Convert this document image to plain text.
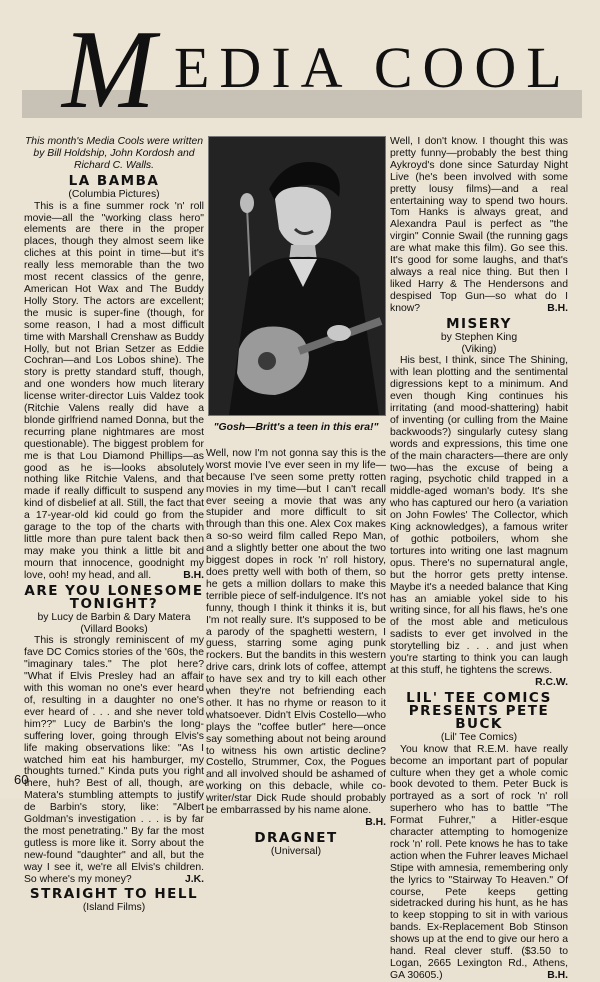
M EDIA COOL
This month's Media Cools were written by Bill Holdship, John Kordosh and Richard C. Walls.
LA BAMBA
(Columbia Pictures)

This is a fine summer rock 'n' roll movie—all the "working class hero" elements are there in the proper places, though they almost seem like cliches at this point in time—but it's really less memorable than the two most recent classics of the genre, American Hot Wax and The Buddy Holly Story. The actors are excellent; the music is super-fine (though, for some reason, I had a most difficult time with Marshall Crenshaw as Buddy Holly, but not Brian Setzer as Eddie Cochran—and Los Lobos shine). The story is pretty standard stuff, though, and one wonders how much literary license writer-director Luis Valdez took (Ritchie Valens really did have a blonde girlfriend named Donna, but the recurring plane nightmares are most questionable). The biggest problem for me is that Lou Diamond Phillips—as good as he is—looks absolutely nothing like Ritchie Valens, and that made if really difficult to suspend any kind of disbelief at all. Still, the fact that a 17-year-old kid could go from the garage to the top of the charts with little more than pure talent back then may make you think a little bit and mourn that innocence, goodnight my love, ooh! my head, and all.	B.H.

ARE YOU LONESOME TONIGHT?
by Lucy de Barbin & Dary Matera
(Villard Books)

This is strongly reminiscent of my fave DC Comics stories of the '60s, the "imaginary tales." The plot here? "What if Elvis Presley had an affair with this woman no one's ever heard of, resulting in a daughter no one's ever heard of . . . and she never told him??" Lucy de Barbin's the long-suffering lover, going through Elvis's life making observations like: "As I watched him eat his hamburger, my thoughts turned." Kinda puts you right there, huh? Best of all, though, are Matera's stumbling attempts to justify de Barbin's story, like: "Albert Goldman's investigation . . . is by far the most penetrating." By far the most gutless is more like it. Sorry about the new-found "daughter" and all, but the way I see it, we're all Elvis's children. So where's my money?	J.K.

STRAIGHT TO HELL
(Island Films)
"Gosh—Britt's a teen in this era!"

Well, now I'm not gonna say this is the worst movie I've ever seen in my life—because I've seen some pretty rotten movies in my time—but I can't recall ever seeing a movie that was any stupider and more difficult to sit through than this one. Alex Cox makes a so-so weird film called Repo Man, and a slightly better one about the two biggest dopes in rock 'n' roll history, does pretty well with both of them, so he gets a million dollars to make this terrible piece of self-indulgence. It's not funny, though I think it thinks it is, but I'm not really sure. It's supposed to be a parody of the spaghetti western, I guess, starring some aging punk rockers. But the bandits in this western drive cars, drink lots of coffee, attempt to have sex and try to kill each other when they're not befriending each other. It has no rhyme or reason to it whatsoever. Didn't Elvis Costello—who plays the "coffee butler" here—once say something about not being around to witness his own artistic decline? Costello, Strummer, Cox, the Pogues and all involved should be ashamed of working on this debacle, while co-writer/star Dick Rude should probably be embarrassed by his name alone.
B.H.

DRAGNET
(Universal)

Well, I don't know. I thought this was pretty funny—probably the best thing Aykroyd's done since Saturday Night Live (he's been involved with some pretty lousy films)—and a real entertaining way to spend two hours. Tom Hanks is always great, and Alexandra Paul is perfect as "the virgin" Connie Swail (the running gags are what make this film). Go see this. It's good for some laughs, and that's always a real nice thing. But then I liked Harry & The Hendersons and despised Top Gun—so what do I know?	B.H.

MISERY
by Stephen King
(Viking)

His best, I think, since The Shining, with lean plotting and the sentimental digressions kept to a minimum. And even though King continues his irritating (and mood-shattering) habit of inventing (or culling from the Maine backwoods?) singularly cutesy slang words and expressions, this time one of the main characters—there are only two—has the excuse of being a raging, psychotic child trapped in a middle-aged woman's body. It's she who has captured our hero (a variation on John Fowles' The Collector, which King acknowledges), a famous writer of gothic potboilers, whom she tortures into writing one last magnum opus. There's no supernatural angle, but the horror gets pretty intense. Maybe it's a needed balance that King has an amiable yokel side to his writing since, for all his flaws, he's one of the most able and meticulous sadists to ever get involved in the storytelling biz . . . and just when you're starting to think you can laugh at this stuff, he tightens the screws.
R.C.W.

LIL' TEE COMICS PRESENTS PETE BUCK
(Lil' Tee Comics)

You know that R.E.M. have really become an important part of popular culture when they get a whole comic book devoted to them. Peter Buck is portrayed as a sort of rock 'n' roll superhero who has to battle "The Format Fuhrer," a Hitler-esque character attempting to homogenize rock 'n' roll. Pete knows he has to take action when the Fuhrer leaves Michael Stipe with amnesia, remembering only the lyrics to "Stairway To Heaven." Of course, Pete keeps getting sidetracked during his hunt, as he has to keep stopping to sit in with various bands. Ex-Replacement Bob Stinson shows up at the end to give our hero a hand. Real clever stuff. ($3.50 to Logan, 2665 Lexington Rd., Athens, GA 30605.)	B.H.

60
